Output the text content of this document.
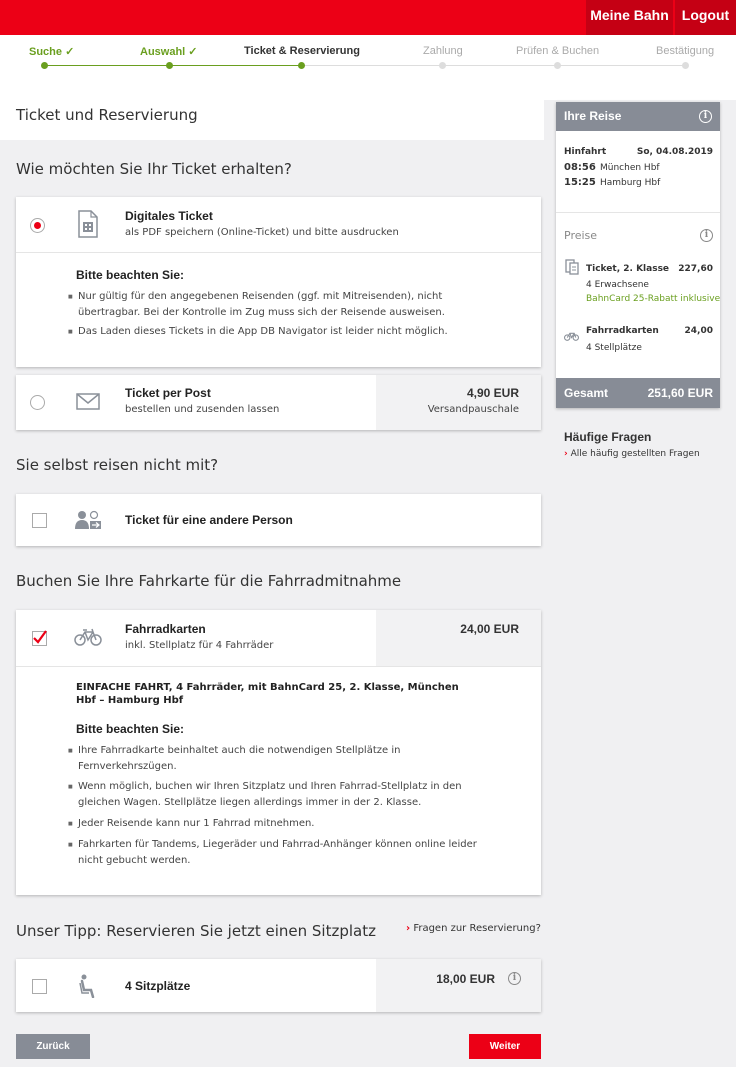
Meine Bahn Logout
Suche ✓	Auswahl ✓	Ticket & Reservierung	Zahlung	Prüfen & Buchen	Bestätigung
Ticket und Reservierung
Wie möchten Sie Ihr Ticket erhalten?
Digitales Ticket
als PDF speichern (Online-Ticket) und bitte ausdrucken
Bitte beachten Sie:
■ Nur gültig für den angegebenen Reisenden (ggf. mit Mitreisenden), nicht übertragbar. Bei der Kontrolle im Zug muss sich der Reisende ausweisen.
■ Das Laden dieses Tickets in die App DB Navigator ist leider nicht möglich.
Ticket per Post
bestellen und zusenden lassen
4,90 EUR
Versandpauschale
Sie selbst reisen nicht mit?
Ticket für eine andere Person
Buchen Sie Ihre Fahrkarte für die Fahrradmitnahme
Fahrradkarten
inkl. Stellplatz für 4 Fahrräder
24,00 EUR
EINFACHE FAHRT, 4 Fahrräder, mit BahnCard 25, 2. Klasse, München Hbf – Hamburg Hbf
Bitte beachten Sie:
■ Ihre Fahrradkarte beinhaltet auch die notwendigen Stellplätze in Fernverkehrszügen.
■ Wenn möglich, buchen wir Ihren Sitzplatz und Ihren Fahrrad-Stellplatz in den gleichen Wagen. Stellplätze liegen allerdings immer in der 2. Klasse.
■ Jeder Reisende kann nur 1 Fahrrad mitnehmen.
■ Fahrkarten für Tandems, Liegeräder und Fahrrad-Anhänger können online leider nicht gebucht werden.
Unser Tipp: Reservieren Sie jetzt einen Sitzplatz	› Fragen zur Reservierung?
4 Sitzplätze	18,00 EUR	i
Zurück	Weiter
Ihre Reise	i
Hinfahrt	So, 04.08.2019
08:56 München Hbf
15:25 Hamburg Hbf
Preise	i
Ticket, 2. Klasse 227,60
4 Erwachsene
BahnCard 25-Rabatt inklusive
Fahrradkarten	24,00
4 Stellplätze
Gesamt	251,60 EUR
Häufige Fragen
› Alle häufig gestellten Fragen
